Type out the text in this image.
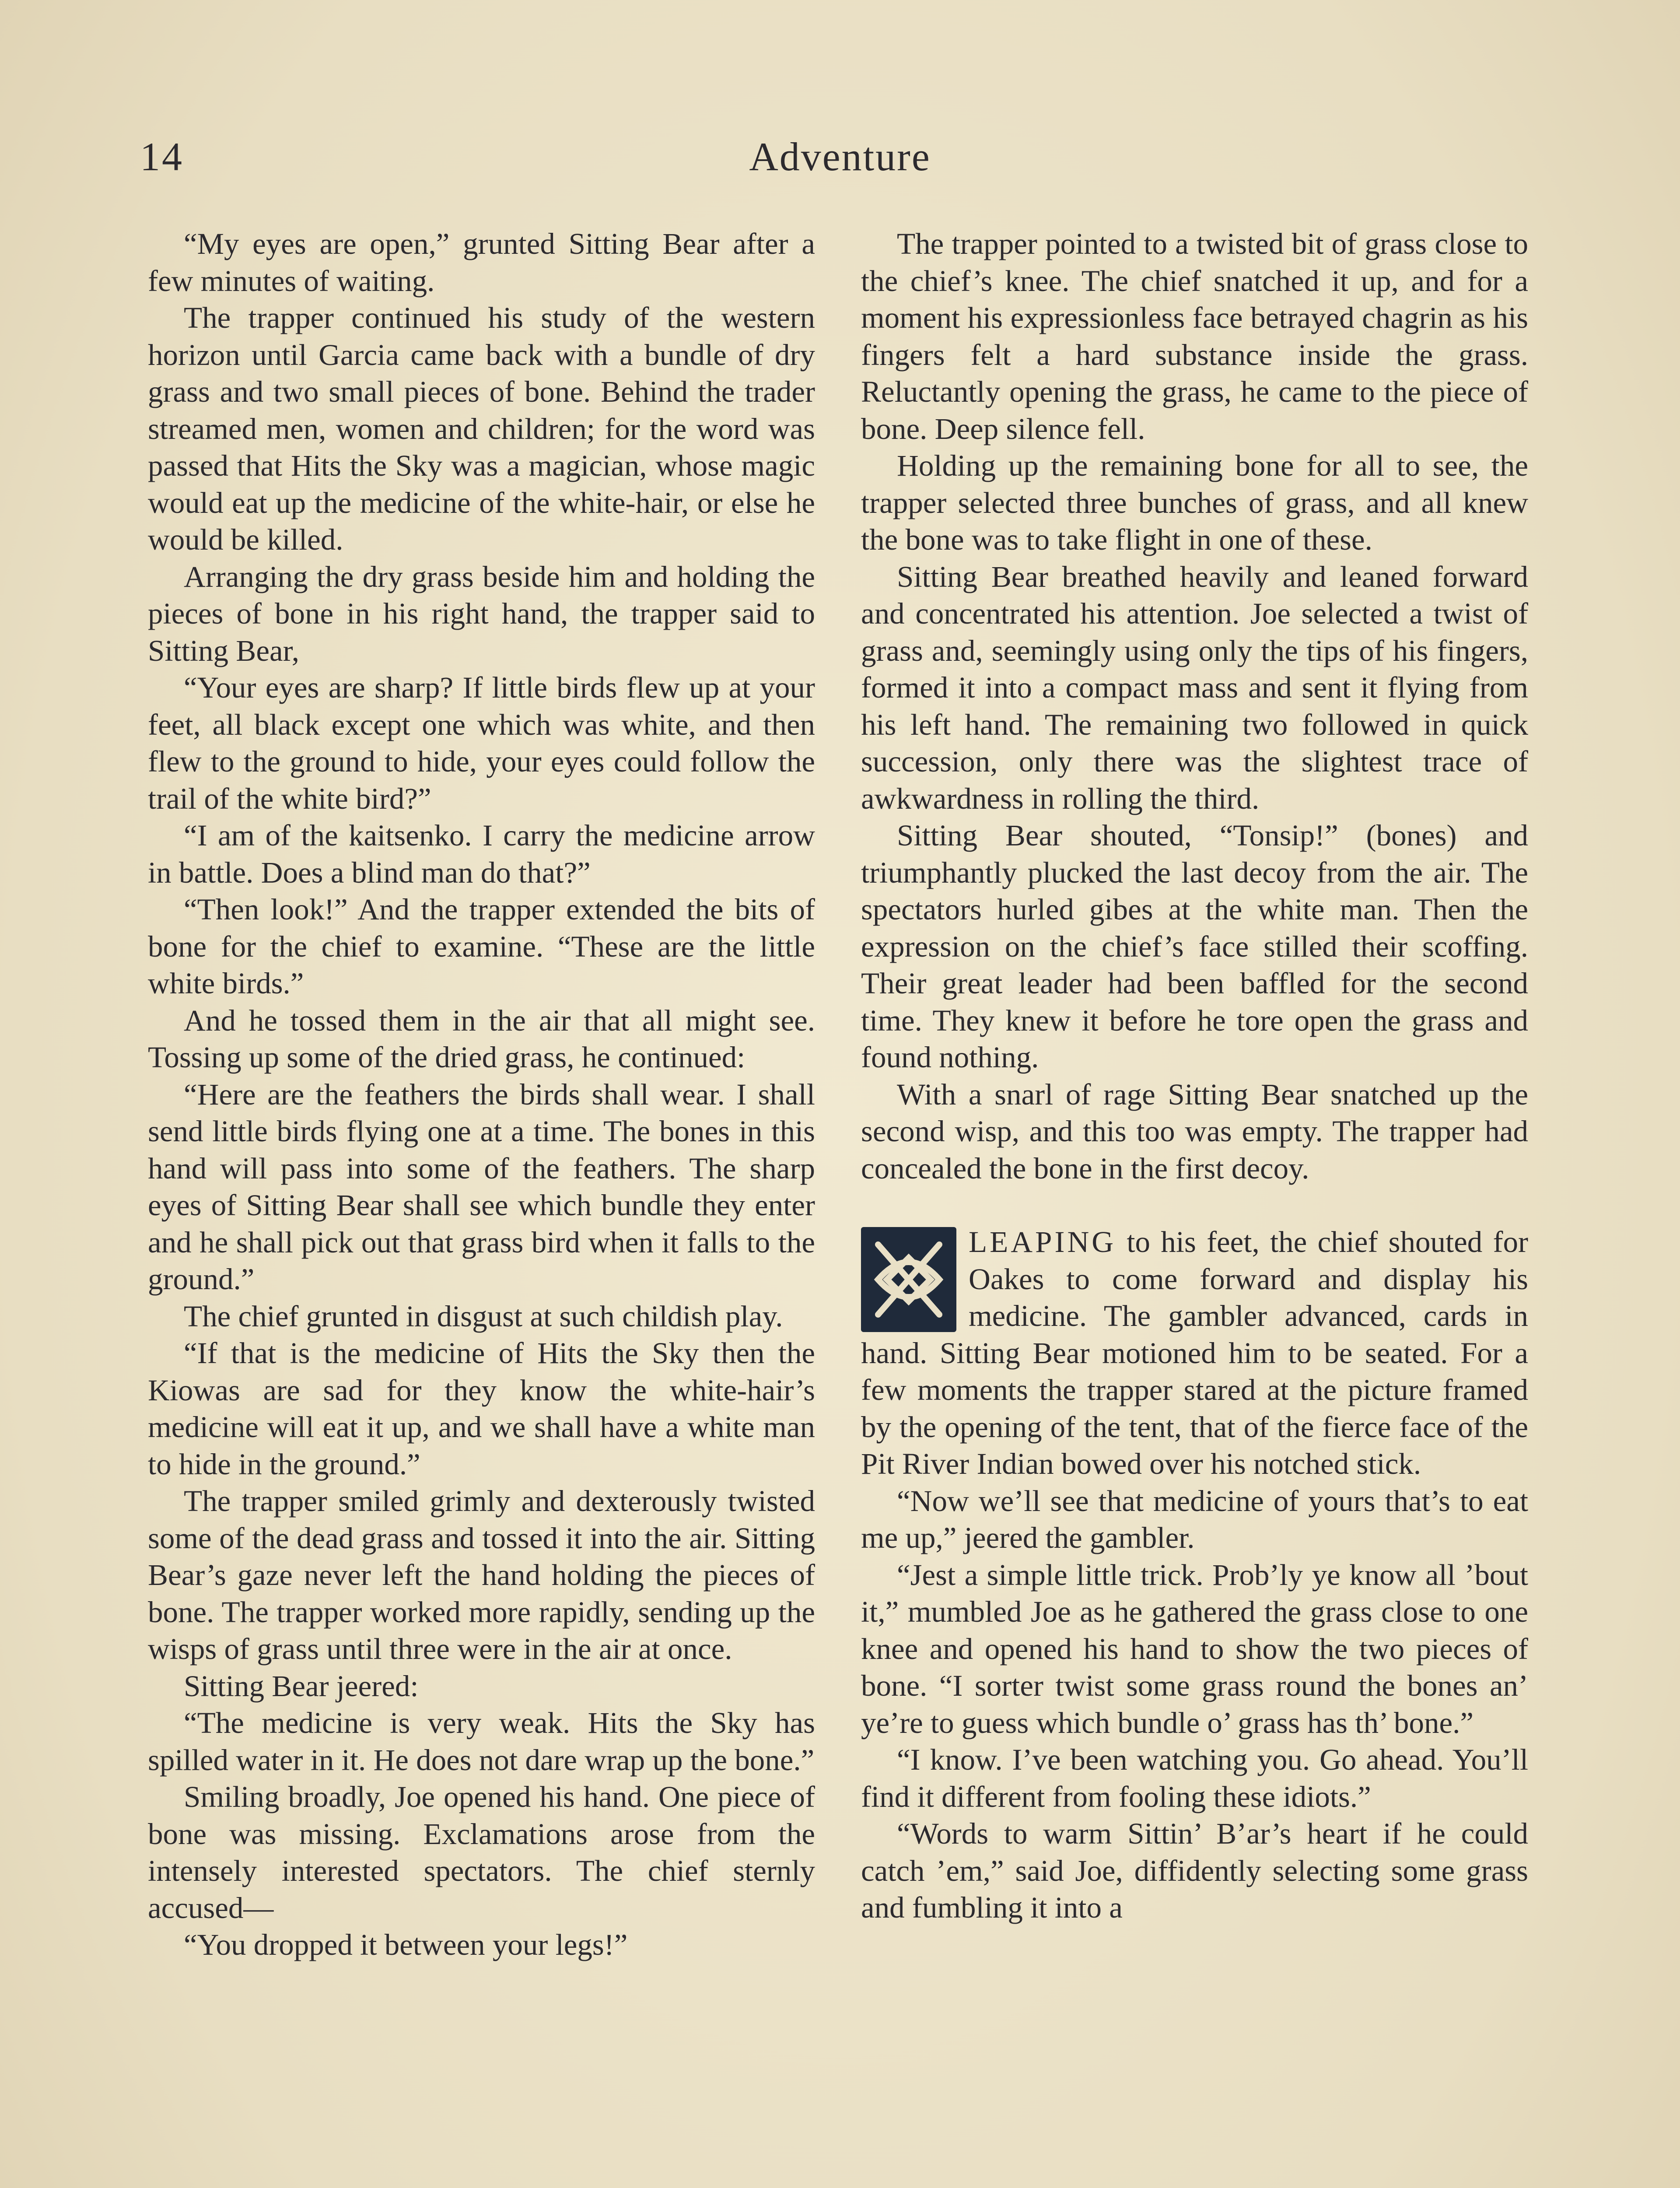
14	Adventure

“My eyes are open,” grunted Sitting Bear after a few minutes of waiting.

The trapper continued his study of the western horizon until Garcia came back with a bundle of dry grass and two small pieces of bone. Behind the trader streamed men, women and children; for the word was passed that Hits the Sky was a magician, whose magic would eat up the medicine of the white-hair, or else he would be killed.

Arranging the dry grass beside him and holding the pieces of bone in his right hand, the trapper said to Sitting Bear,

“Your eyes are sharp? If little birds flew up at your feet, all black except one which was white, and then flew to the ground to hide, your eyes could follow the trail of the white bird?”

“I am of the kaitsenko. I carry the medicine arrow in battle. Does a blind man do that?”

“Then look!” And the trapper extended the bits of bone for the chief to examine. “These are the little white birds.”

And he tossed them in the air that all might see. Tossing up some of the dried grass, he continued:

“Here are the feathers the birds shall wear. I shall send little birds flying one at a time. The bones in this hand will pass into some of the feathers. The sharp eyes of Sitting Bear shall see which bundle they enter and he shall pick out that grass bird when it falls to the ground.”

The chief grunted in disgust at such childish play.

“If that is the medicine of Hits the Sky then the Kiowas are sad for they know the white-hair’s medicine will eat it up, and we shall have a white man to hide in the ground.”

The trapper smiled grimly and dexterously twisted some of the dead grass and tossed it into the air. Sitting Bear’s gaze never left the hand holding the pieces of bone. The trapper worked more rapidly, sending up the wisps of grass until three were in the air at once.

Sitting Bear jeered:

“The medicine is very weak. Hits the Sky has spilled water in it. He does not dare wrap up the bone.”

Smiling broadly, Joe opened his hand. One piece of bone was missing. Exclamations arose from the intensely interested spectators. The chief sternly accused—

“You dropped it between your legs!”

The trapper pointed to a twisted bit of grass close to the chief’s knee. The chief snatched it up, and for a moment his expressionless face betrayed chagrin as his fingers felt a hard substance inside the grass. Reluctantly opening the grass, he came to the piece of bone. Deep silence fell.

Holding up the remaining bone for all to see, the trapper selected three bunches of grass, and all knew the bone was to take flight in one of these.

Sitting Bear breathed heavily and leaned forward and concentrated his attention. Joe selected a twist of grass and, seemingly using only the tips of his fingers, formed it into a compact mass and sent it flying from his left hand. The remaining two followed in quick succession, only there was the slightest trace of awkwardness in rolling the third.

Sitting Bear shouted, “Tonsip!” (bones) and triumphantly plucked the last decoy from the air. The spectators hurled gibes at the white man. Then the expression on the chief’s face stilled their scoffing. Their great leader had been baffled for the second time. They knew it before he tore open the grass and found nothing.

With a snarl of rage Sitting Bear snatched up the second wisp, and this too was empty. The trapper had concealed the bone in the first decoy.

LEAPING to his feet, the chief shouted for Oakes to come forward and display his medicine. The gambler advanced, cards in hand. Sitting Bear motioned him to be seated. For a few moments the trapper stared at the picture framed by the opening of the tent, that of the fierce face of the Pit River Indian bowed over his notched stick.

“Now we’ll see that medicine of yours that’s to eat me up,” jeered the gambler.

“Jest a simple little trick. Prob’ly ye know all ’bout it,” mumbled Joe as he gathered the grass close to one knee and opened his hand to show the two pieces of bone. “I sorter twist some grass round the bones an’ ye’re to guess which bundle o’ grass has th’ bone.”

“I know. I’ve been watching you. Go ahead. You’ll find it different from fooling these idiots.”

“Words to warm Sittin’ B’ar’s heart if he could catch ’em,” said Joe, diffidently selecting some grass and fumbling it into a
